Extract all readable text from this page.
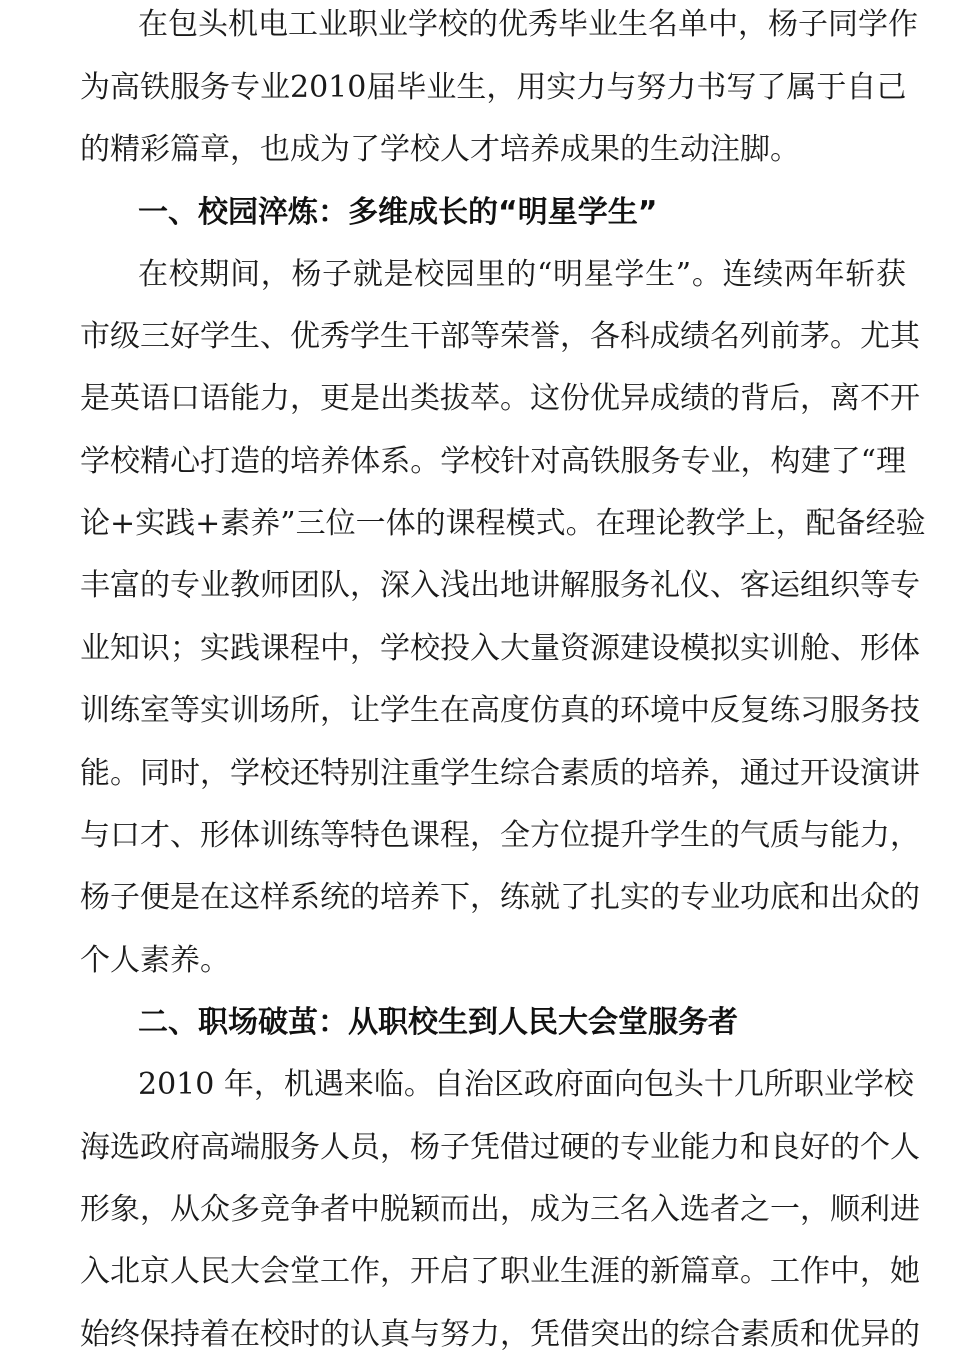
在包头机电工业职业学校的优秀毕业生名单中，杨子同学作
为高铁服务专业2010届毕业生，用实力与努力书写了属于自己
的精彩篇章，也成为了学校人才培养成果的生动注脚。
一、校园淬炼：多维成长的“明星学生”
在校期间，杨子就是校园里的“明星学生”。连续两年斩获
市级三好学生、优秀学生干部等荣誉，各科成绩名列前茅。尤其
是英语口语能力，更是出类拔萃。这份优异成绩的背后，离不开
学校精心打造的培养体系。学校针对高铁服务专业，构建了“理
论+实践+素养”三位一体的课程模式。在理论教学上，配备经验
丰富的专业教师团队，深入浅出地讲解服务礼仪、客运组织等专
业知识；实践课程中，学校投入大量资源建设模拟实训舱、形体
训练室等实训场所，让学生在高度仿真的环境中反复练习服务技
能。同时，学校还特别注重学生综合素质的培养，通过开设演讲
与口才、形体训练等特色课程，全方位提升学生的气质与能力，
杨子便是在这样系统的培养下，练就了扎实的专业功底和出众的
个人素养。
二、职场破茧：从职校生到人民大会堂服务者
2010 年，机遇来临。自治区政府面向包头十几所职业学校
海选政府高端服务人员，杨子凭借过硬的专业能力和良好的个人
形象，从众多竞争者中脱颖而出，成为三名入选者之一，顺利进
入北京人民大会堂工作，开启了职业生涯的新篇章。工作中，她
始终保持着在校时的认真与努力，凭借突出的综合素质和优异的
